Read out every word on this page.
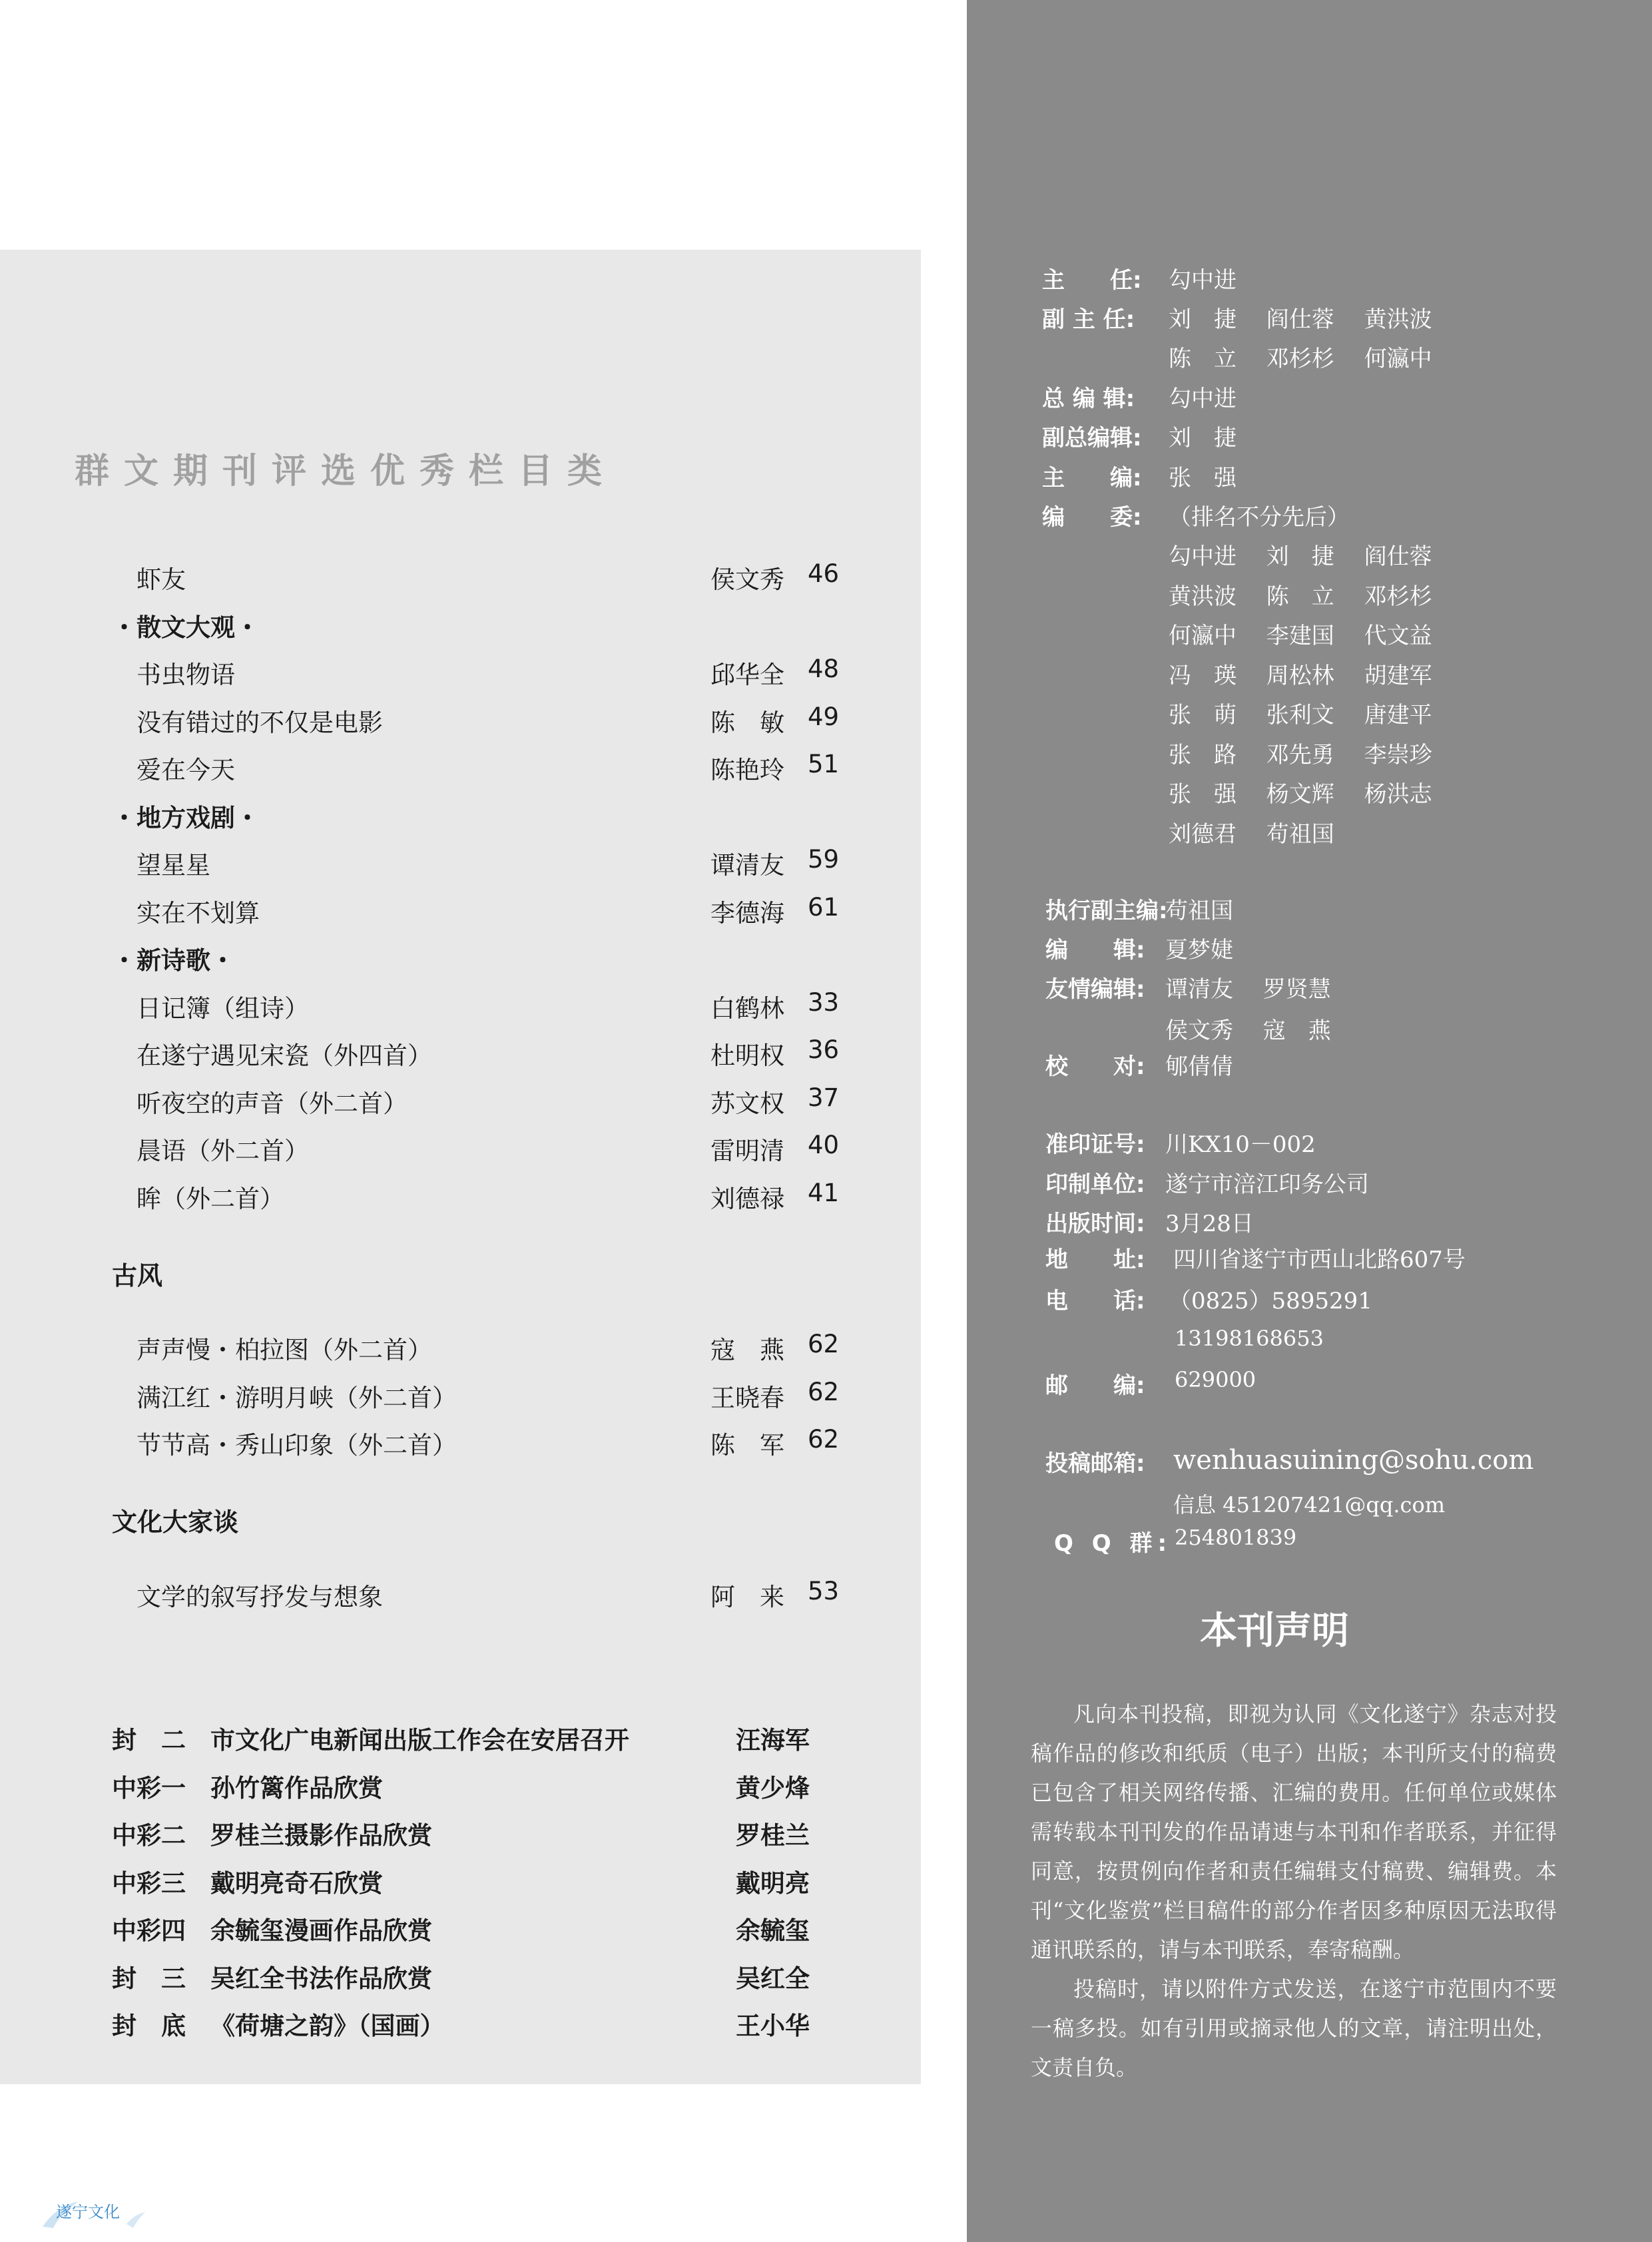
群文期刊评选优秀栏目类
虾友	侯文秀 46
・散文大观・
书虫物语	邱华全 48
没有错过的不仅是电影	陈　敏 49
爱在今天	陈艳玲 51
・地方戏剧・
望星星	谭清友 59
实在不划算	李德海 61
・新诗歌・
日记簿（组诗）	白鹤林 33
在遂宁遇见宋瓷（外四首）	杜明权 36
听夜空的声音（外二首）	苏文权 37
晨语（外二首）	雷明清 40
眸（外二首）	刘德禄 41
古风
声声慢・柏拉图（外二首）	寇　燕 62
满江红・游明月峡（外二首）	王晓春 62
节节高・秀山印象（外二首）	陈　军 62
文化大家谈
文学的叙写抒发与想象	阿　来 53
封　二 市文化广电新闻出版工作会在安居召开	汪海军
中彩一 孙竹篱作品欣赏	黄少烽
中彩二 罗桂兰摄影作品欣赏	罗桂兰
中彩三 戴明亮奇石欣赏	戴明亮
中彩四 余毓玺漫画作品欣赏	余毓玺
封　三 吴红全书法作品欣赏	吴红全
封　底 《荷塘之韵》（国画）	王小华
主　　任: 勾中进
副 主 任: 刘　捷　 阎仕蓉　 黄洪波
陈　立　 邓杉杉　 何瀛中
总 编 辑: 勾中进
副总编辑: 刘　捷
主　　编: 张　强
编　　委: （排名不分先后）
勾中进　 刘　捷　 阎仕蓉
黄洪波　 陈　立　 邓杉杉
何瀛中　 李建国　 代文益
冯　瑛　 周松林　 胡建军
张　萌　 张利文　 唐建平
张　路　 邓先勇　 李崇珍
张　强　 杨文辉　 杨洪志
刘德君　 苟祖国
执行副主编:
苟祖国
编　　辑: 夏梦婕
友情编辑: 谭清友　 罗贤慧
侯文秀　 寇　燕
校　　对: 郇倩倩
准印证号: 川KX10－002
印制单位: 遂宁市涪江印务公司
出版时间: 3月28日
地　　址: 四川省遂宁市西山北路607号
电　　话: （0825）5895291
13198168653
邮　　编: 629000
投稿邮箱: wenhuasuining@sohu.com
信息 451207421@qq.com
Q Q 群: 254801839
本刊声明

凡向本刊投稿，即视为认同《文化遂宁》杂志对投稿作品的修改和纸质（电子）出版；本刊所支付的稿费已包含了相关网络传播、汇编的费用。任何单位或媒体需转载本刊刊发的作品请速与本刊和作者联系，并征得同意，按贯例向作者和责任编辑支付稿费、编辑费。本刊“文化鉴赏”栏目稿件的部分作者因多种原因无法取得通讯联系的，请与本刊联系，奉寄稿酬。

投稿时，请以附件方式发送，在遂宁市范围内不要一稿多投。如有引用或摘录他人的文章，请注明出处，文责自负。

遂宁文化
